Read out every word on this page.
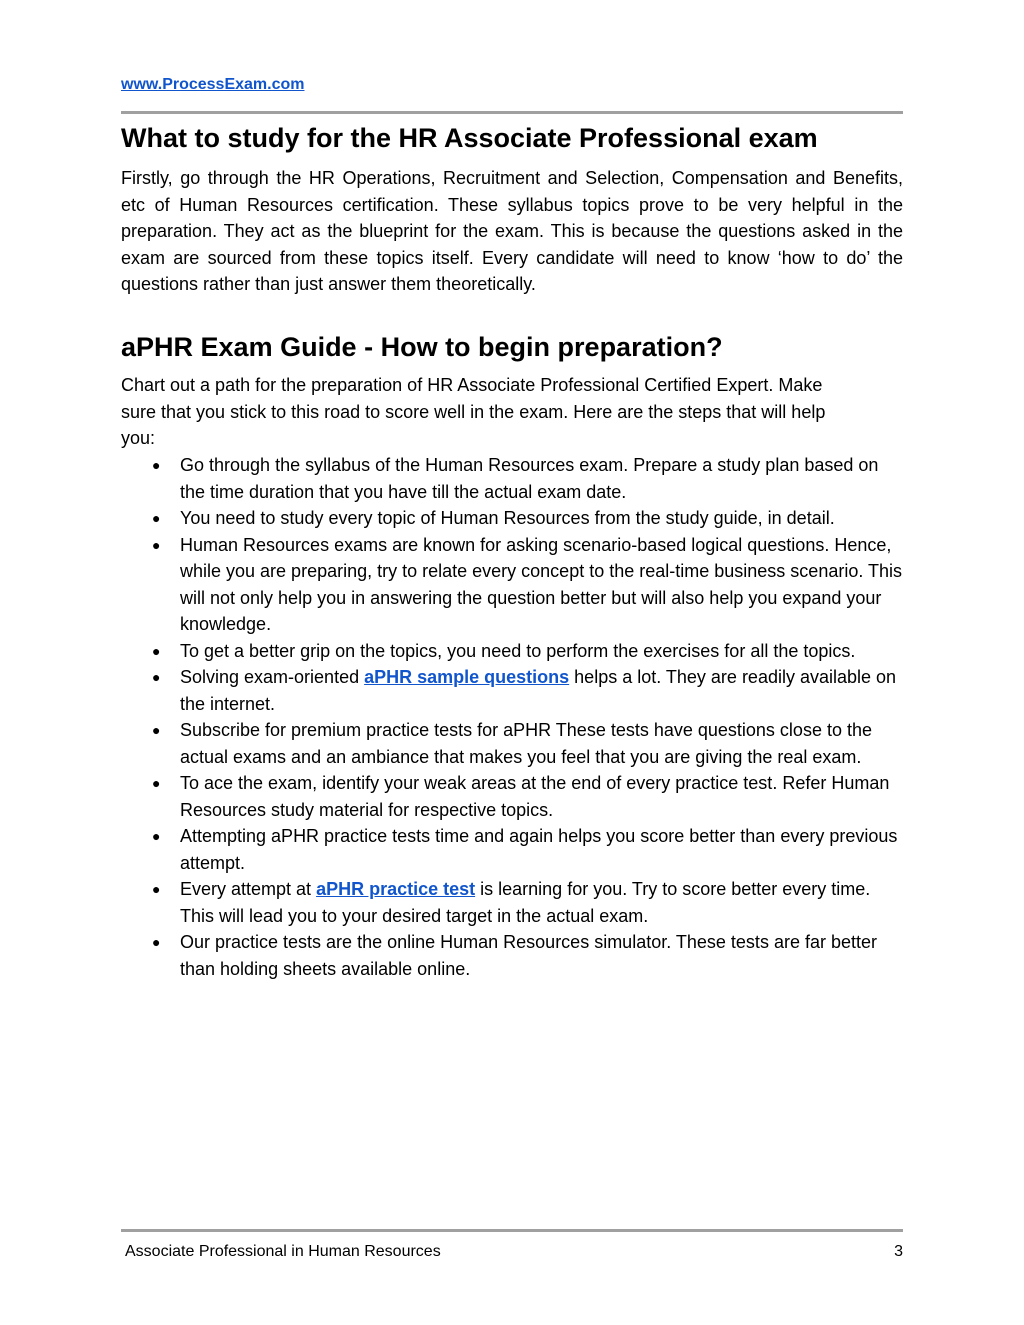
www.ProcessExam.com
What to study for the HR Associate Professional exam

Firstly, go through the HR Operations, Recruitment and Selection, Compensation and Benefits, etc of Human Resources certification. These syllabus topics prove to be very helpful in the preparation. They act as the blueprint for the exam. This is because the questions asked in the exam are sourced from these topics itself. Every candidate will need to know ‘how to do’ the questions rather than just answer them theoretically.

aPHR Exam Guide - How to begin preparation?

Chart out a path for the preparation of HR Associate Professional Certified Expert. Make sure that you stick to this road to score well in the exam. Here are the steps that will help you:

● Go through the syllabus of the Human Resources exam. Prepare a study plan based on the time duration that you have till the actual exam date.
● You need to study every topic of Human Resources from the study guide, in detail.
● Human Resources exams are known for asking scenario-based logical questions. Hence, while you are preparing, try to relate every concept to the real-time business scenario. This will not only help you in answering the question better but will also help you expand your knowledge.
● To get a better grip on the topics, you need to perform the exercises for all the topics.
● Solving exam-oriented aPHR sample questions helps a lot. They are readily available on the internet.
● Subscribe for premium practice tests for aPHR These tests have questions close to the actual exams and an ambiance that makes you feel that you are giving the real exam.
● To ace the exam, identify your weak areas at the end of every practice test. Refer Human Resources study material for respective topics.
● Attempting aPHR practice tests time and again helps you score better than every previous attempt.
● Every attempt at aPHR practice test is learning for you. Try to score better every time. This will lead you to your desired target in the actual exam.
● Our practice tests are the online Human Resources simulator. These tests are far better than holding sheets available online.
Associate Professional in Human Resources	3
